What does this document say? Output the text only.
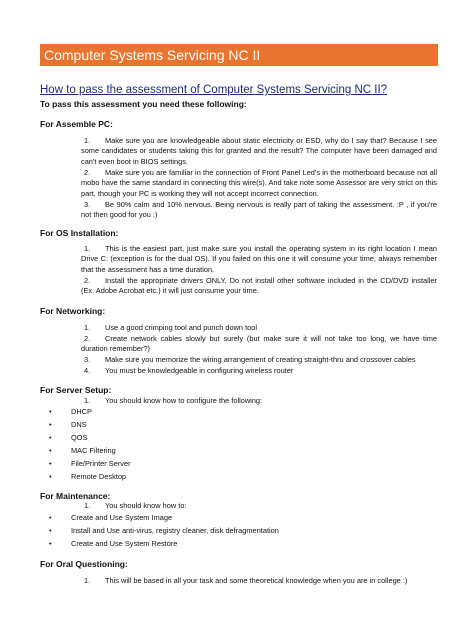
Computer Systems Servicing NC II
How to pass the assessment of Computer Systems Servicing NC II?
To pass this assessment you need these following:
For Assemble PC:
1. Make sure you are knowledgeable about static electricity or ESD, why do I say that? Because I see some candidates or students taking this for granted and the result? The computer have been damaged and can't even boot in BIOS settings.
2. Make sure you are familiar in the connection of Front Panel Led's in the motherboard because not all mobo have the same standard in connecting this wire(s). And take note some Assessor are very strict on this part, though your PC is working they will not accept incorrect connection.
3. Be 90% calm and 10% nervous. Being nervous is really part of taking the assessment. :P , if you're not then good for you :)
For OS Installation:
1. This is the easiest part, just make sure you install the operating system in its right location I mean Drive C: (exception is for the dual OS). If you failed on this one it will consume your time, always remember that the assessment has a time duration.
2. Install the appropriate drivers ONLY, Do not install other software included in the CD/DVD installer (Ex. Adobe Acrobat etc.) it will just consume your time.
For Networking:
1. Use a good crimping tool and punch down tool
2. Create network cables slowly but surely (but make sure it will not take too long, we have time duration remember?)
3. Make sure you memorize the wiring arrangement of creating straight-thru and crossover cables
4. You must be knowledgeable in configuring wireless router
For Server Setup:
1. You should know how to configure the following:
•	DHCP
•	DNS
•	QOS
•	MAC Filtering
•	File/Printer Server
•	Remote Desktop
For Maintenance:
1. You should know how to:
•	Create and Use System Image
•	Install and Use anti-virus, registry cleaner, disk defragmentation
•	Create and Use System Restore
For Oral Questioning:
1. This will be based in all your task and some theoretical knowledge when you are in college :)
